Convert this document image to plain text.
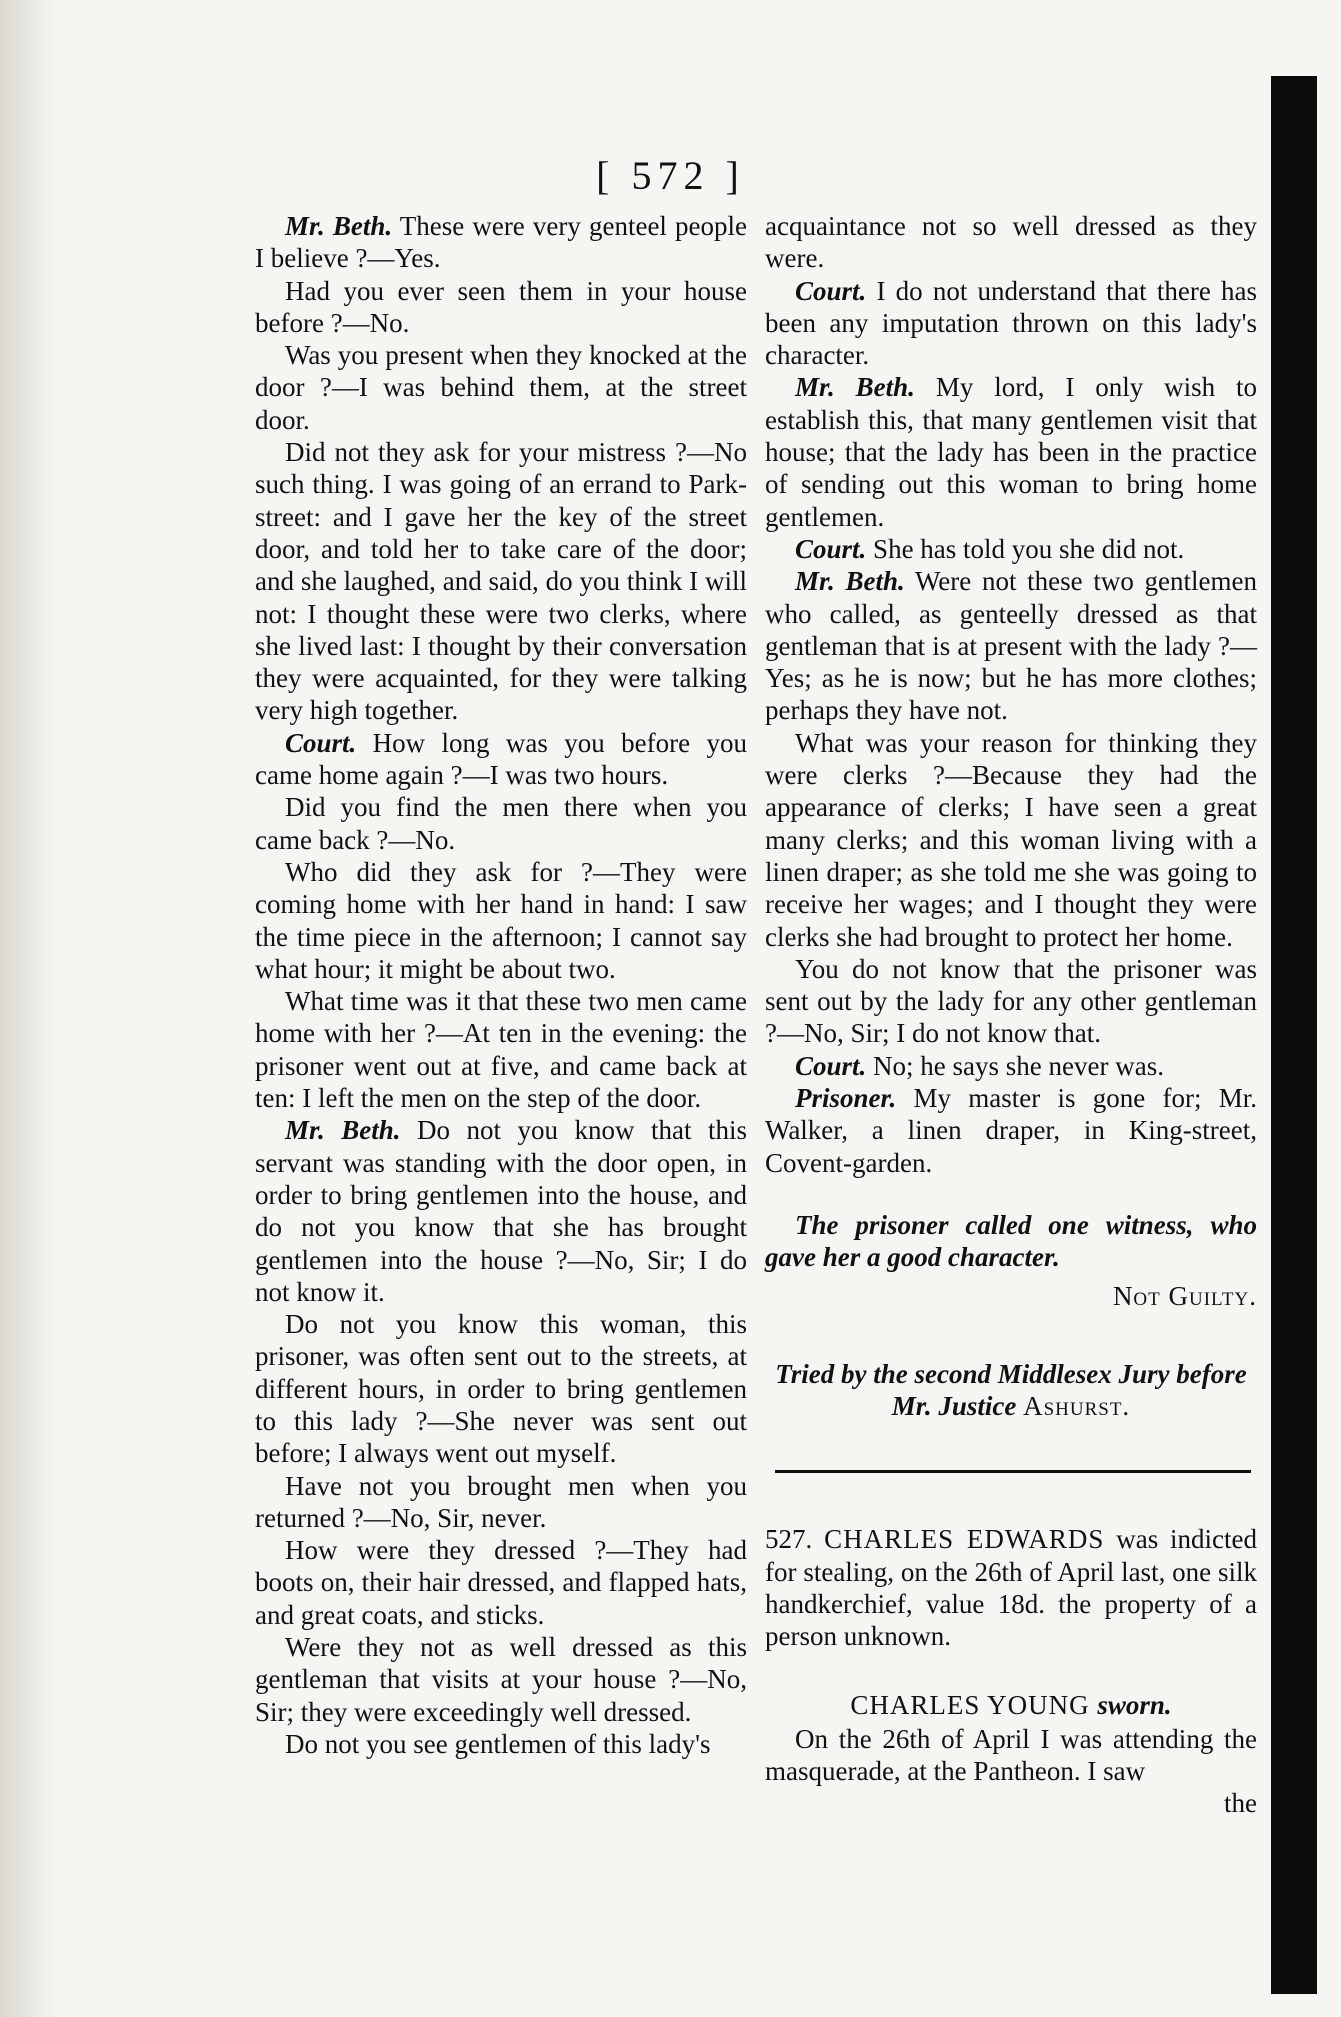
[ 572 ]

Mr. Beth. These were very genteel people I believe ?—Yes.

Had you ever seen them in your house before ?—No.

Was you present when they knocked at the door ?—I was behind them, at the street door.

Did not they ask for your mistress ?—No such thing. I was going of an errand to Park-street: and I gave her the key of the street door, and told her to take care of the door; and she laughed, and said, do you think I will not: I thought these were two clerks, where she lived last: I thought by their conversation they were acquainted, for they were talking very high together.

Court. How long was you before you came home again ?—I was two hours.

Did you find the men there when you came back ?—No.

Who did they ask for ?—They were coming home with her hand in hand: I saw the time piece in the afternoon; I cannot say what hour; it might be about two.

What time was it that these two men came home with her ?—At ten in the evening: the prisoner went out at five, and came back at ten: I left the men on the step of the door.

Mr. Beth. Do not you know that this servant was standing with the door open, in order to bring gentlemen into the house, and do not you know that she has brought gentlemen into the house ?—No, Sir; I do not know it.

Do not you know this woman, this prisoner, was often sent out to the streets, at different hours, in order to bring gentlemen to this lady ?—She never was sent out before; I always went out myself.

Have not you brought men when you returned ?—No, Sir, never.

How were they dressed ?—They had boots on, their hair dressed, and flapped hats, and great coats, and sticks.

Were they not as well dressed as this gentleman that visits at your house ?—No, Sir; they were exceedingly well dressed.

Do not you see gentlemen of this lady's

acquaintance not so well dressed as they were.

Court. I do not understand that there has been any imputation thrown on this lady's character.

Mr. Beth. My lord, I only wish to establish this, that many gentlemen visit that house; that the lady has been in the practice of sending out this woman to bring home gentlemen.

Court. She has told you she did not.

Mr. Beth. Were not these two gentlemen who called, as genteelly dressed as that gentleman that is at present with the lady ?—Yes; as he is now; but he has more clothes; perhaps they have not.

What was your reason for thinking they were clerks ?—Because they had the appearance of clerks; I have seen a great many clerks; and this woman living with a linen draper; as she told me she was going to receive her wages; and I thought they were clerks she had brought to protect her home.

You do not know that the prisoner was sent out by the lady for any other gentleman ?—No, Sir; I do not know that.

Court. No; he says she never was.

Prisoner. My master is gone for; Mr. Walker, a linen draper, in King-street, Covent-garden.

The prisoner called one witness, who gave her a good character.

Not Guilty.

Tried by the second Middlesex Jury before
Mr. Justice Ashurst.

527. CHARLES EDWARDS was indicted for stealing, on the 26th of April last, one silk handkerchief, value 18d. the property of a person unknown.

CHARLES YOUNG sworn.

On the 26th of April I was attending the masquerade, at the Pantheon. I saw

the
